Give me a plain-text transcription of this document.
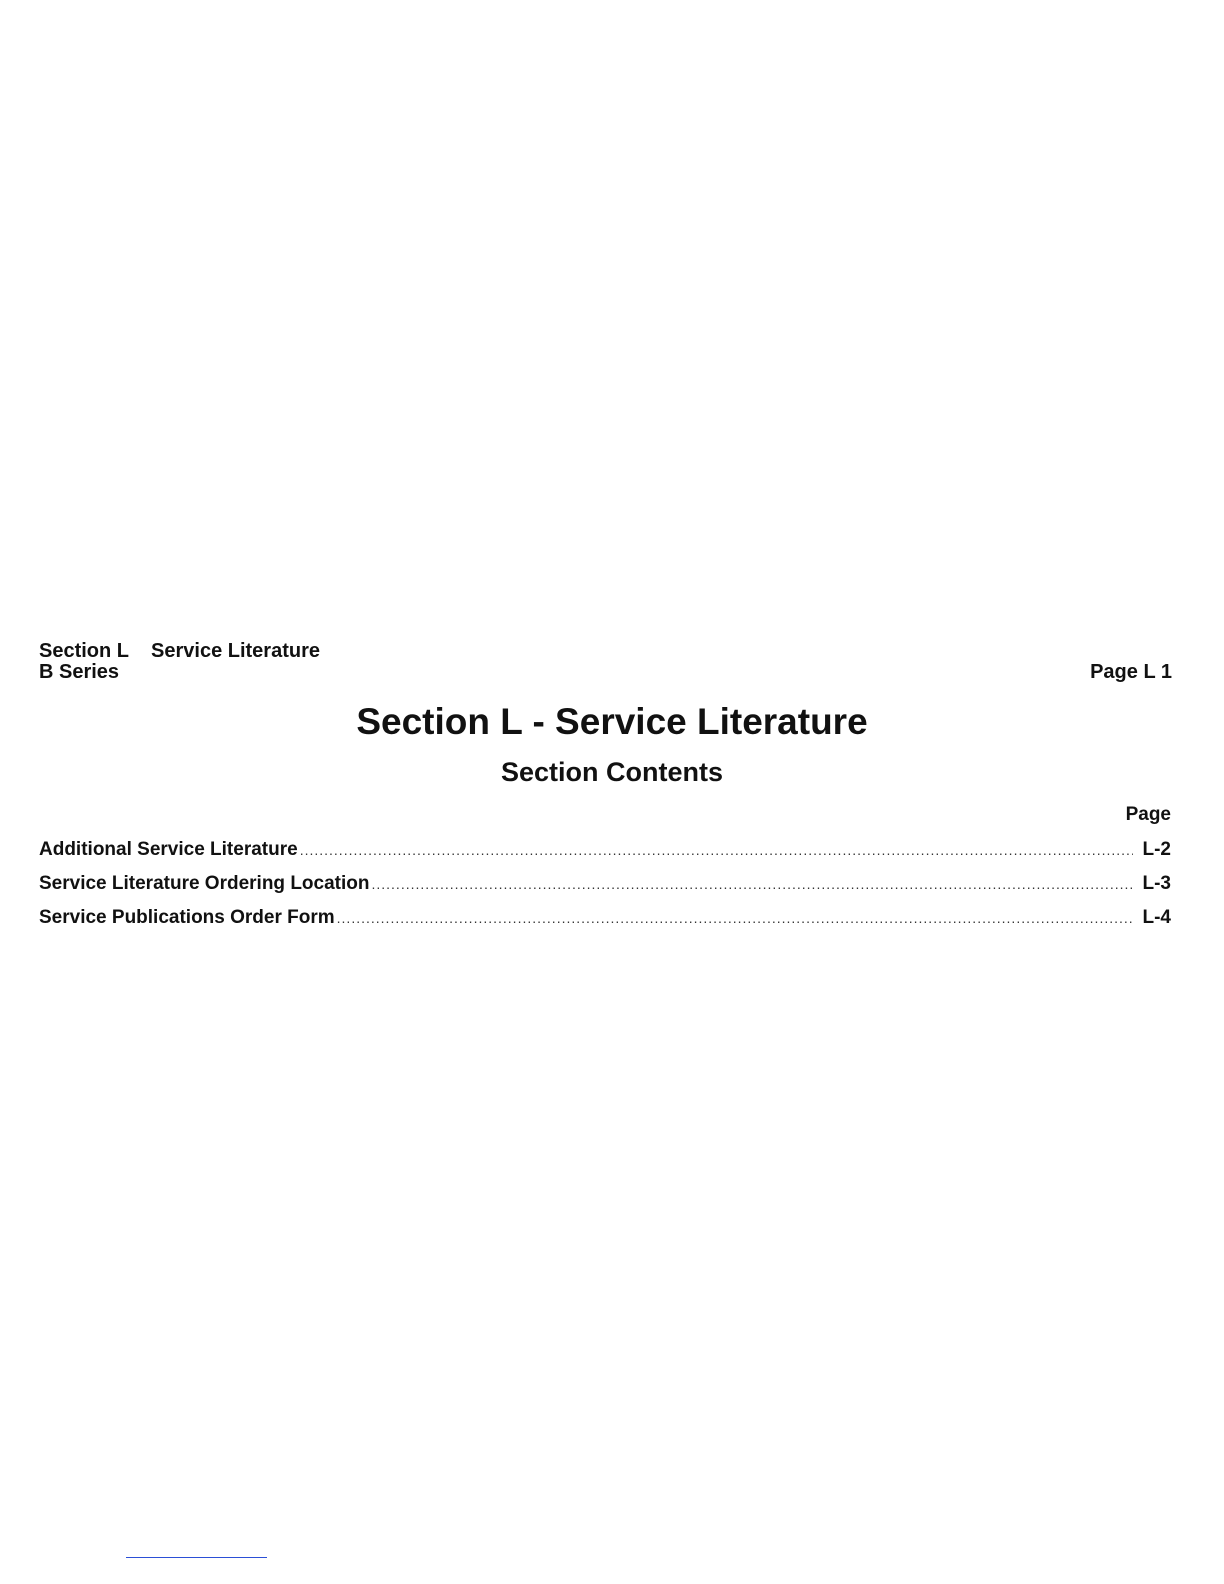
Section L Service Literature
B Series	Page L 1
Section L - Service Literature
Section Contents
Page
Additional Service Literature .....	L-2
Service Literature Ordering Location .....	L-3
Service Publications Order Form .....	L-4
